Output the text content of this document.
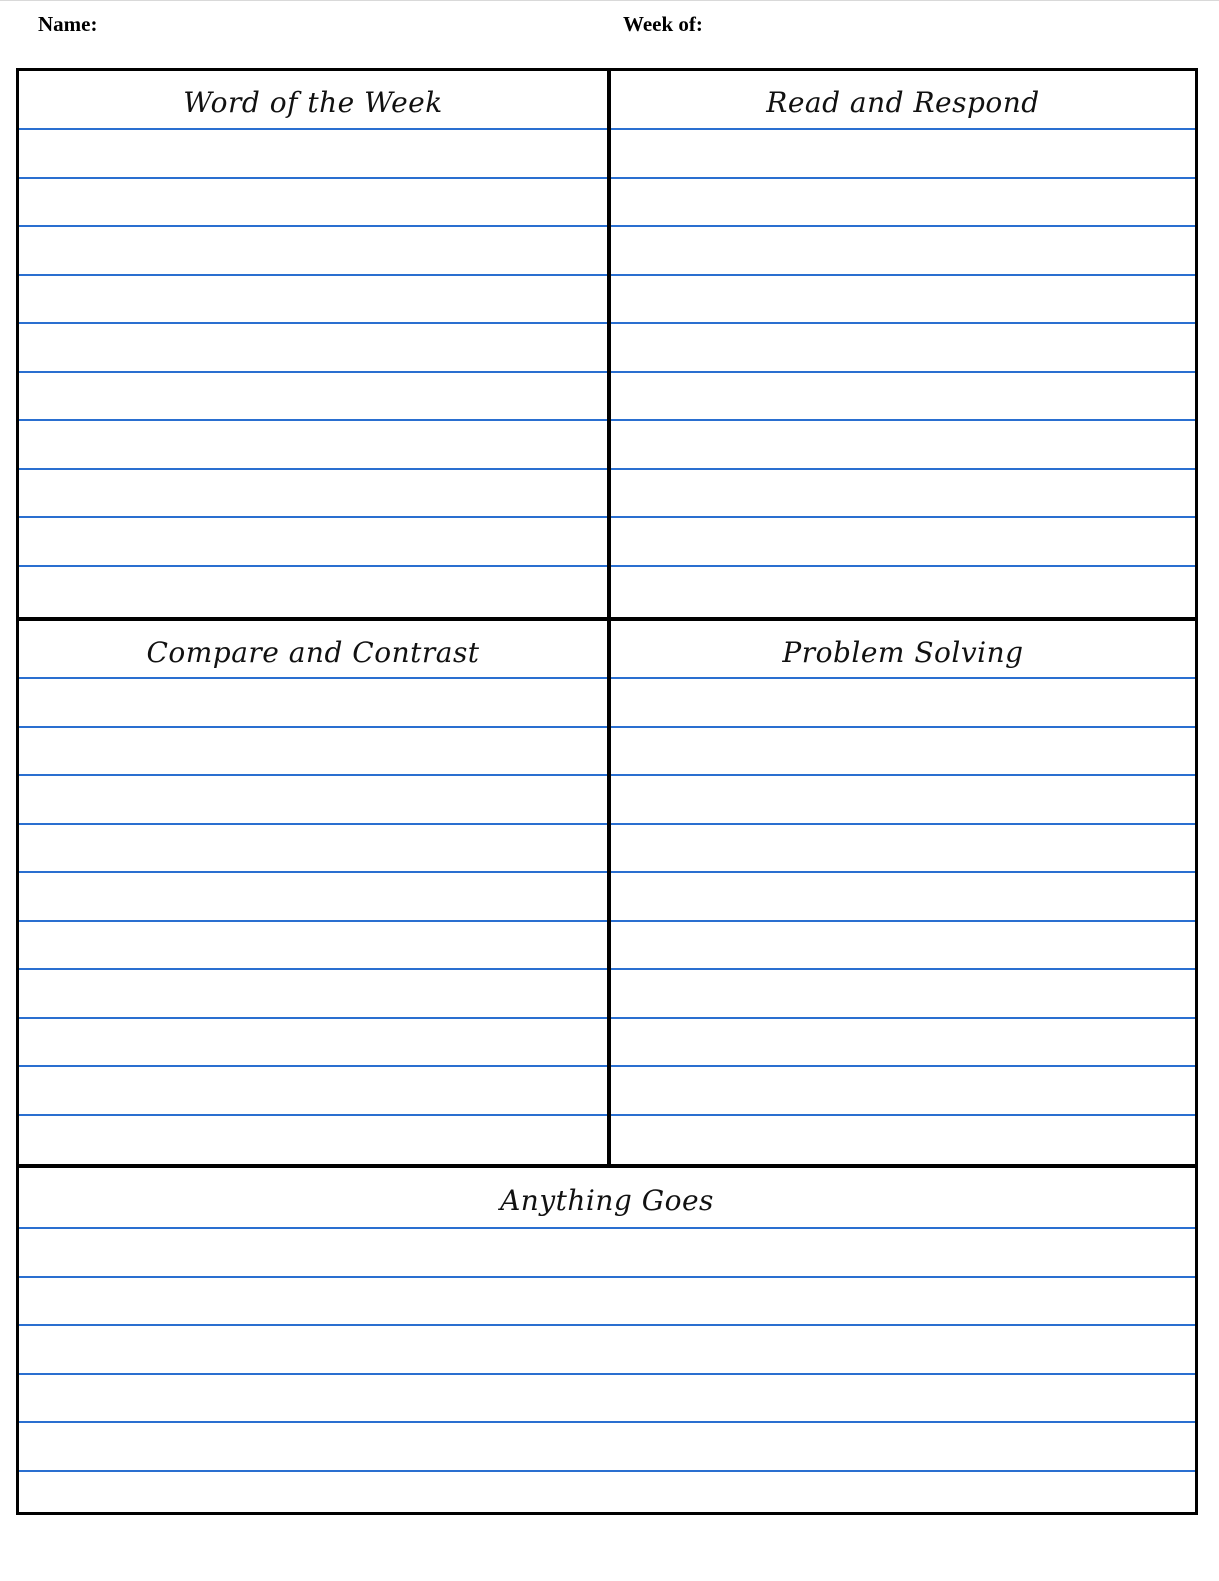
Name:	Week of:
Word of the Week	Read and Respond
Compare and Contrast	Problem Solving
Anything Goes
